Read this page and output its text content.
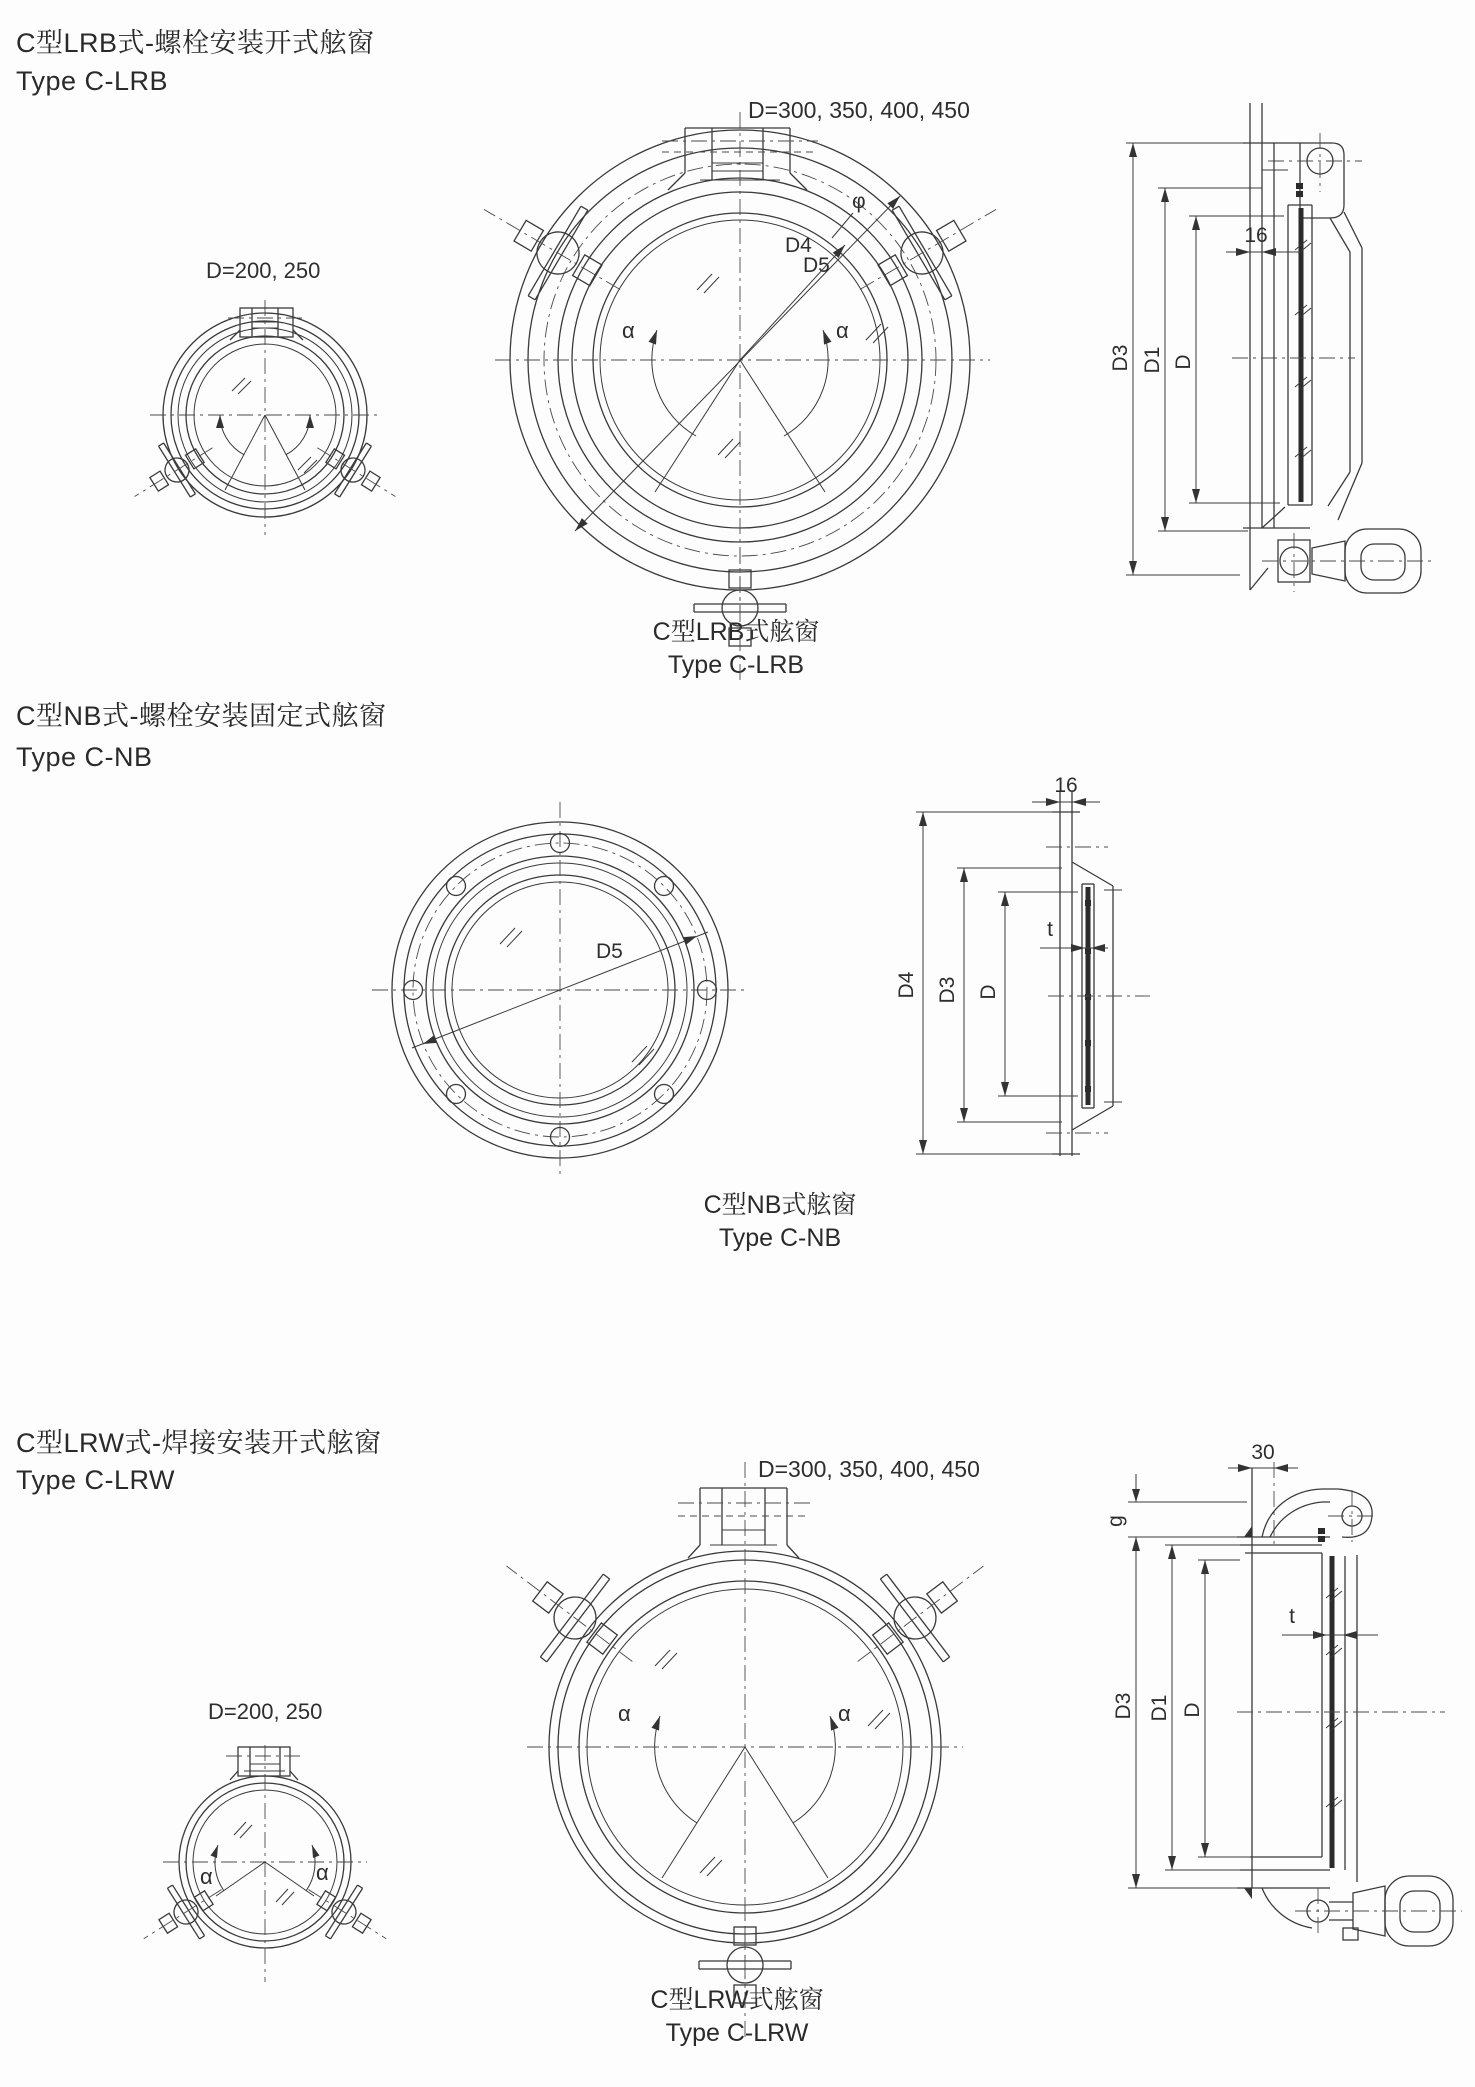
C型LRB式-螺栓安装开式舷窗
Type C-LRB
D=200, 250
D=300, 350, 400, 450
C型LRB式舷窗
Type C-LRB
C型NB式-螺栓安装固定式舷窗
Type C-NB
C型NB式舷窗
Type C-NB
C型LRW式-焊接安装开式舷窗
Type C-LRW	D=300, 350, 400, 450
D=200, 250
C型LRW式舷窗
Type C-LRW
D5
D4
φ
α	α
D3 D1 D
16
D5
D4 D3 D
16
t
α	α
α	α
30
g
D3 D1 D
t
